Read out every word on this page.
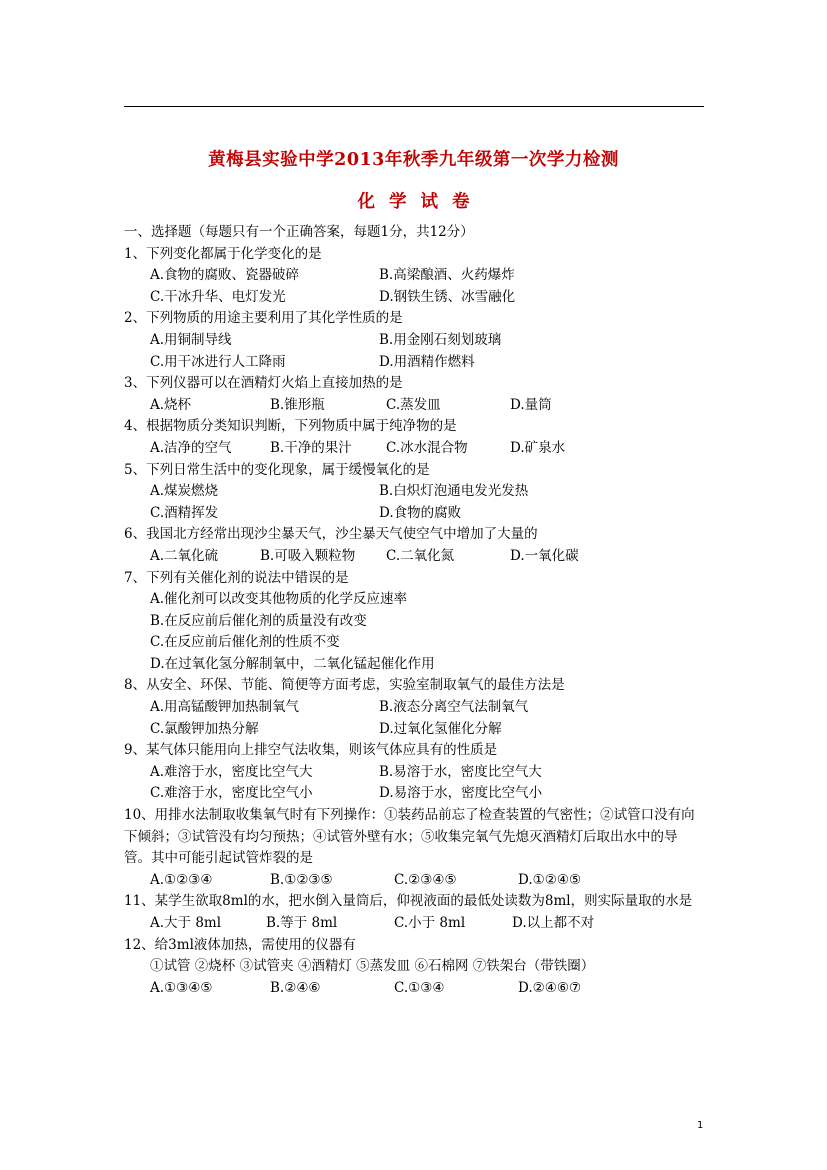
黄梅县实验中学2013年秋季九年级第一次学力检测
化学试卷
一、选择题（每题只有一个正确答案，每题1分，共12分）
1、下列变化都属于化学变化的是
A.食物的腐败、瓷器破碎	B.高梁酿酒、火药爆炸
C.干冰升华、电灯发光	D.钢铁生锈、冰雪融化
2、下列物质的用途主要利用了其化学性质的是
A.用铜制导线	B.用金刚石刻划玻璃
C.用干冰进行人工降雨	D.用酒精作燃料
3、下列仪器可以在酒精灯火焰上直接加热的是
A.烧杯	B.锥形瓶	C.蒸发皿	D.量筒
4、根据物质分类知识判断，下列物质中属于纯净物的是
A.洁净的空气	B.干净的果汁	C.冰水混合物	D.矿泉水
5、下列日常生活中的变化现象，属于缓慢氧化的是
A.煤炭燃烧	B.白炽灯泡通电发光发热
C.酒精挥发	D.食物的腐败
6、我国北方经常出现沙尘暴天气，沙尘暴天气使空气中增加了大量的
A.二氧化硫	B.可吸入颗粒物 C.二氧化氮	D.一氧化碳
7、下列有关催化剂的说法中错误的是
A.催化剂可以改变其他物质的化学反应速率
B.在反应前后催化剂的质量没有改变
C.在反应前后催化剂的性质不变
D.在过氧化氢分解制氧中，二氧化锰起催化作用
8、从安全、环保、节能、简便等方面考虑，实验室制取氧气的最佳方法是
A.用高锰酸钾加热制氧气	B.液态分离空气法制氧气
C.氯酸钾加热分解	D.过氧化氢催化分解
9、某气体只能用向上排空气法收集，则该气体应具有的性质是
A.难溶于水，密度比空气大	B.易溶于水，密度比空气大
C.难溶于水，密度比空气小	D.易溶于水，密度比空气小
10、用排水法制取收集氧气时有下列操作：①装药品前忘了检查装置的气密性；②试管口没有向下倾斜；③试管没有均匀预热；④试管外壁有水；⑤收集完氧气先熄灭酒精灯后取出水中的导管。其中可能引起试管炸裂的是
A.①②③④	B.①②③⑤	C.②③④⑤	D.①②④⑤
11、某学生欲取8ml的水，把水倒入量筒后，仰视液面的最低处读数为8ml，则实际量取的水是
A.大于 8ml	B.等于 8ml	C.小于 8ml	D.以上都不对
12、给3ml液体加热，需使用的仪器有
①试管 ②烧杯 ③试管夹 ④酒精灯 ⑤蒸发皿 ⑥石棉网 ⑦铁架台（带铁圈）
A.①③④⑤	B.②④⑥	C.①③④	D.②④⑥⑦
1
